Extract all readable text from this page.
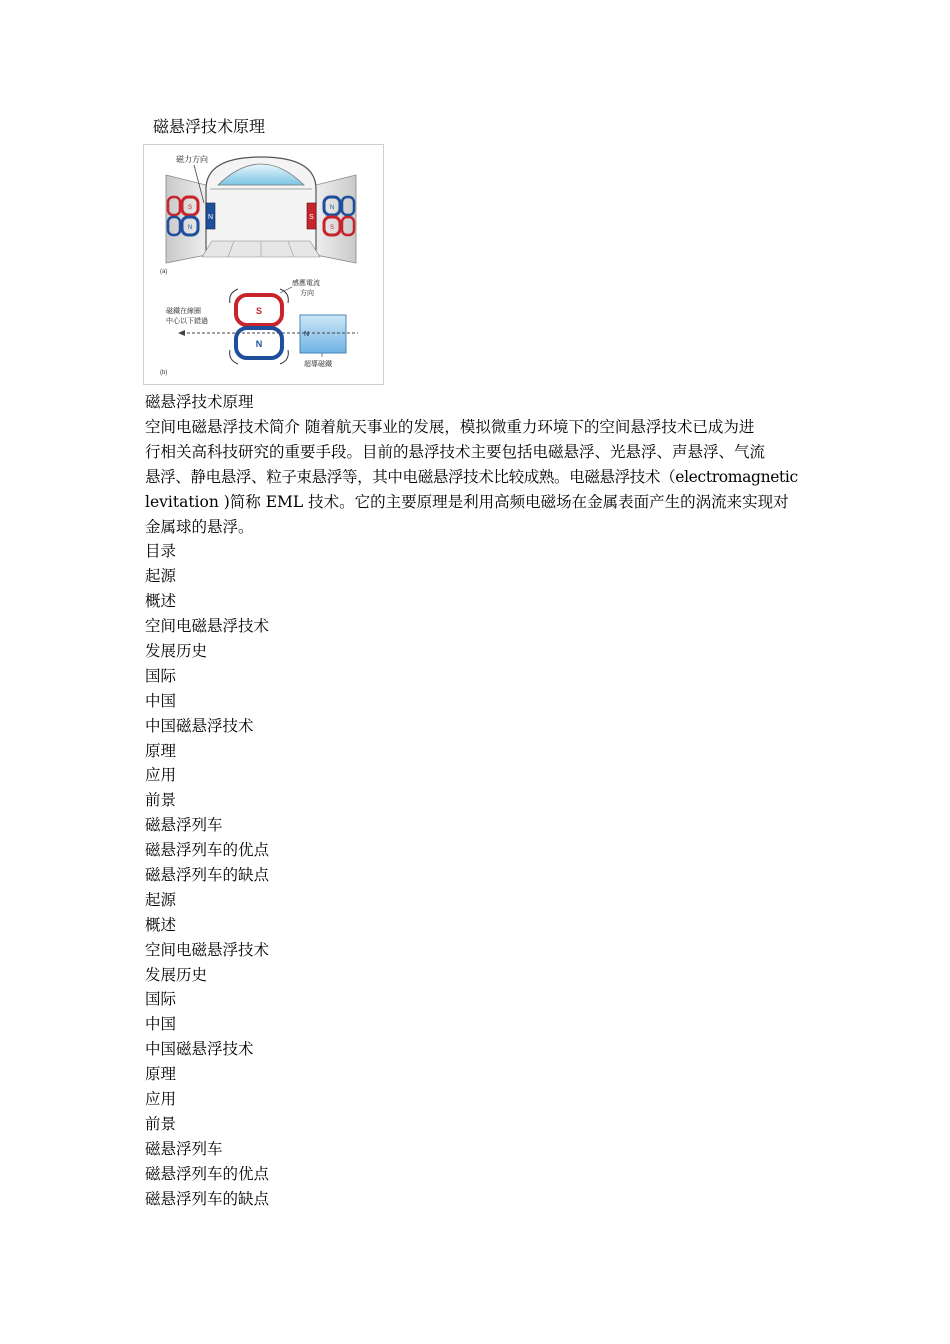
磁悬浮技术原理
S
N
N
N
S
S
磁力方向
(a)
S
N
N
感應電流
方向
磁鐵在線圈
中心以下錯過
超導磁鐵
(b)
磁悬浮技术原理
空间电磁悬浮技术简介 随着航天事业的发展，模拟微重力环境下的空间悬浮技术已成为进
行相关高科技研究的重要手段。目前的悬浮技术主要包括电磁悬浮、光悬浮、声悬浮、气流
悬浮、静电悬浮、粒子束悬浮等，其中电磁悬浮技术比较成熟。电磁悬浮技术（electromagnetic
levitation )简称 EML 技术。它的主要原理是利用高频电磁场在金属表面产生的涡流来实现对
金属球的悬浮。
目录
起源
概述
空间电磁悬浮技术
发展历史
国际
中国
中国磁悬浮技术
原理
应用
前景
磁悬浮列车
磁悬浮列车的优点
磁悬浮列车的缺点
起源
概述
空间电磁悬浮技术
发展历史
国际
中国
中国磁悬浮技术
原理
应用
前景
磁悬浮列车
磁悬浮列车的优点
磁悬浮列车的缺点
